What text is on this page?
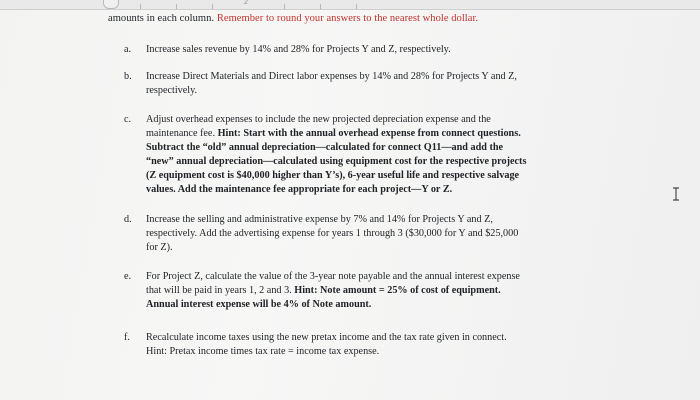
2
amounts in each column. Remember to round your answers to the nearest whole dollar.
a.	Increase sales revenue by 14% and 28% for Projects Y and Z, respectively.
b.	Increase Direct Materials and Direct labor expenses by 14% and 28% for Projects Y and Z,
respectively.
c.	Adjust overhead expenses to include the new projected depreciation expense and the
maintenance fee. Hint: Start with the annual overhead expense from connect questions.
Subtract the “old” annual depreciation—calculated for connect Q11—and add the
“new” annual depreciation—calculated using equipment cost for the respective projects
(Z equipment cost is $40,000 higher than Y’s), 6-year useful life and respective salvage
values. Add the maintenance fee appropriate for each project—Y or Z.
d.	Increase the selling and administrative expense by 7% and 14% for Projects Y and Z,
respectively. Add the advertising expense for years 1 through 3 ($30,000 for Y and $25,000
for Z).
e.	For Project Z, calculate the value of the 3-year note payable and the annual interest expense
that will be paid in years 1, 2 and 3. Hint: Note amount = 25% of cost of equipment.
Annual interest expense will be 4% of Note amount.
f.	Recalculate income taxes using the new pretax income and the tax rate given in connect.
Hint: Pretax income times tax rate = income tax expense.
